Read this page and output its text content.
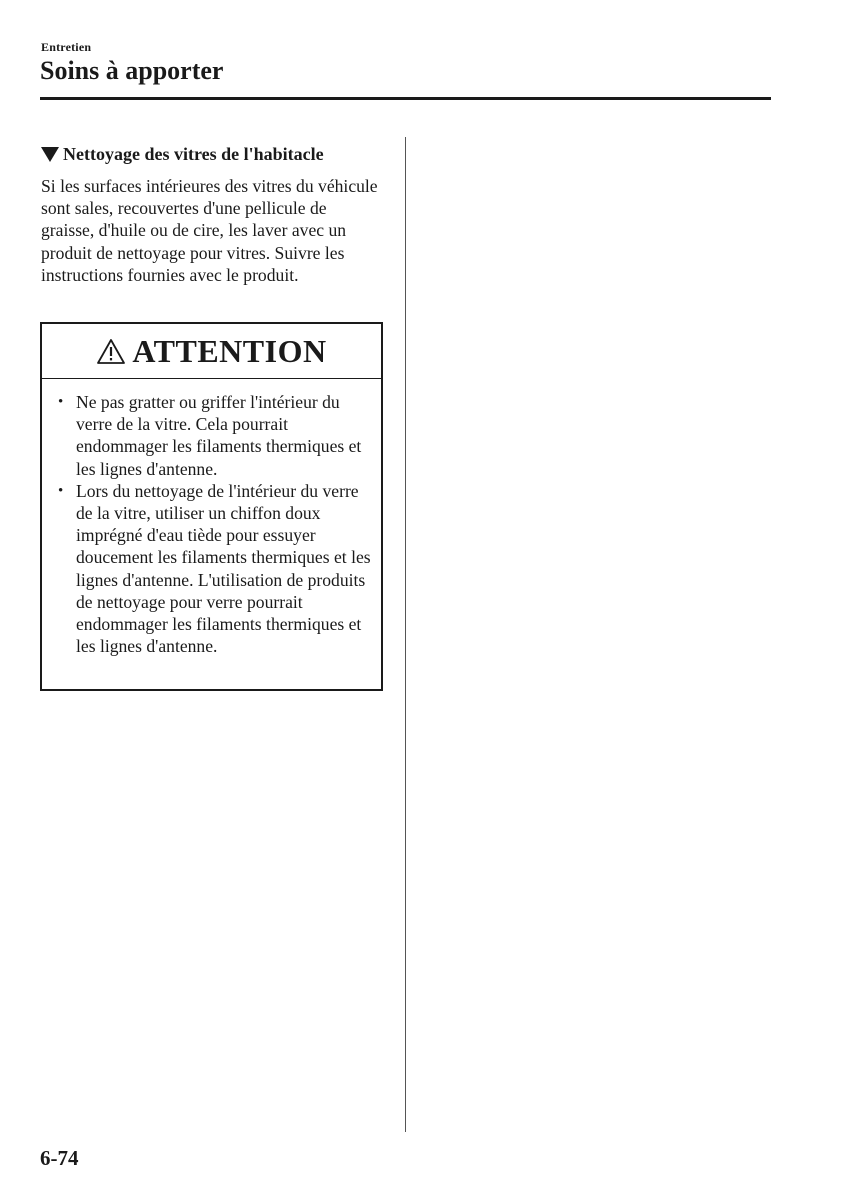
Entretien
Soins à apporter
Nettoyage des vitres de l'habitacle

Si les surfaces intérieures des vitres du véhicule sont sales, recouvertes d'une pellicule de graisse, d'huile ou de cire, les laver avec un produit de nettoyage pour vitres. Suivre les instructions fournies avec le produit.

ATTENTION
• Ne pas gratter ou griffer l'intérieur du verre de la vitre. Cela pourrait endommager les filaments thermiques et les lignes d'antenne.
• Lors du nettoyage de l'intérieur du verre de la vitre, utiliser un chiffon doux imprégné d'eau tiède pour essuyer doucement les filaments thermiques et les lignes d'antenne. L'utilisation de produits de nettoyage pour verre pourrait endommager les filaments thermiques et les lignes d'antenne.
6-74
